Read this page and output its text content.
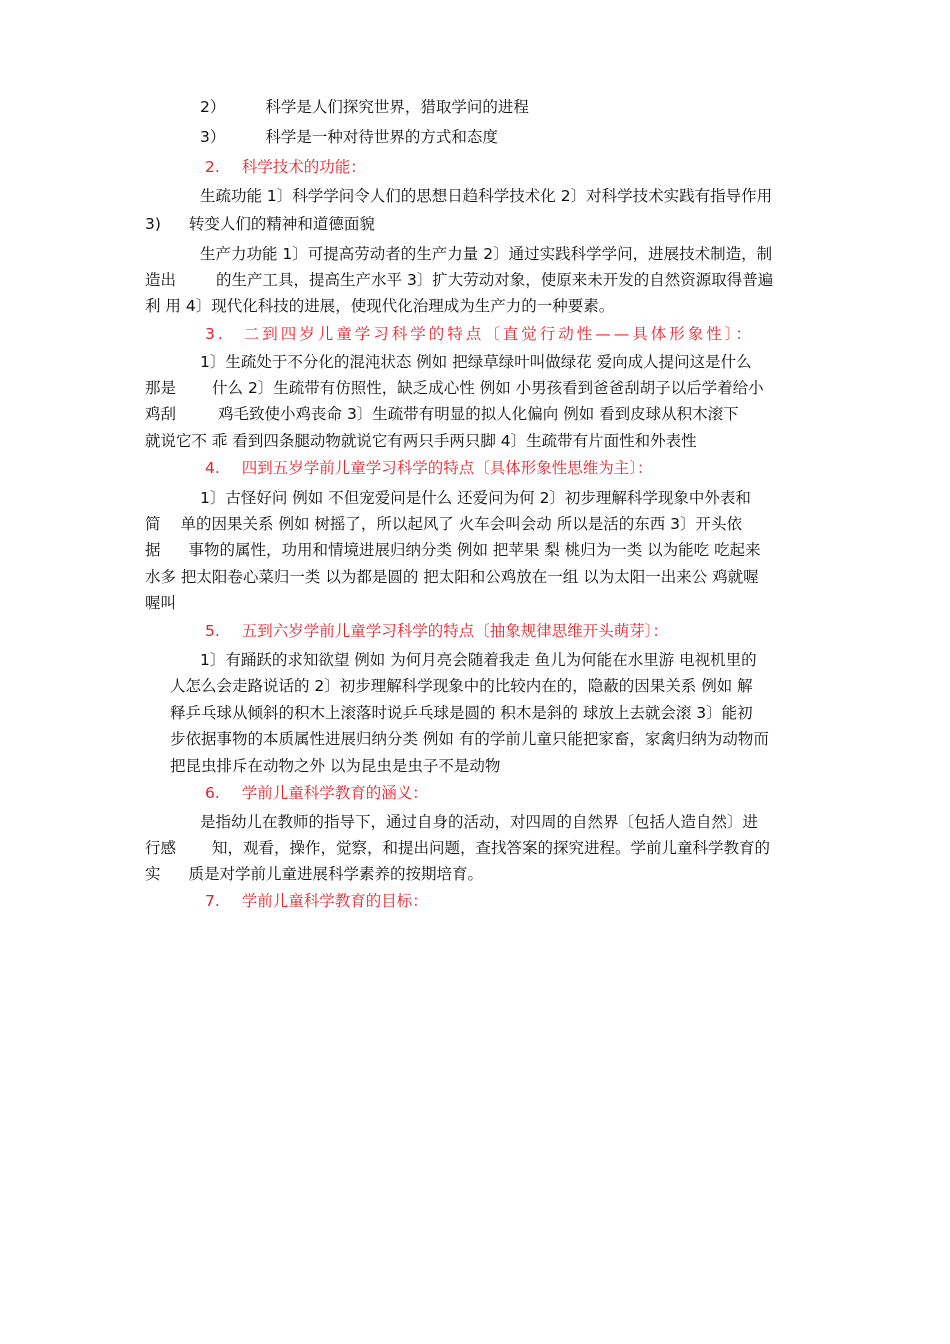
2）	科学是人们探究世界，猎取学问的进程
3）	科学是一种对待世界的方式和态度
2. 科学技术的功能：
生疏功能 1〕科学学问令人们的思想日趋科学技术化 2〕对科学技术实践有指导作用
3) 转变人们的精神和道德面貌
生产力功能 1〕可提高劳动者的生产力量 2〕通过实践科学学问，进展技术制造，制
造出	的生产工具，提高生产水平 3〕扩大劳动对象，使原来未开发的自然资源取得普遍
利 用 4〕现代化科技的进展，使现代化治理成为生产力的一种要素。
3. 二到四岁儿童学习科学的特点〔直觉行动性——具体形象性〕：
1〕生疏处于不分化的混沌状态 例如 把绿草绿叶叫做绿花 爱向成人提问这是什么
那是 什么 2〕生疏带有仿照性，缺乏成心性 例如 小男孩看到爸爸刮胡子以后学着给小
鸡刮	鸡毛致使小鸡丧命 3〕生疏带有明显的拟人化偏向 例如 看到皮球从积木滚下
就说它不 乖 看到四条腿动物就说它有两只手两只脚 4〕生疏带有片面性和外表性
4. 四到五岁学前儿童学习科学的特点〔具体形象性思维为主〕：
1〕古怪好问 例如 不但宠爱问是什么 还爱问为何 2〕初步理解科学现象中外表和
简 单的因果关系 例如 树摇了，所以起风了 火车会叫会动 所以是活的东西 3〕开头依
据 事物的属性，功用和情境进展归纳分类 例如 把苹果 梨 桃归为一类 以为能吃 吃起来
水多 把太阳卷心菜归一类 以为都是圆的 把太阳和公鸡放在一组 以为太阳一出来公 鸡就喔
喔叫
5. 五到六岁学前儿童学习科学的特点〔抽象规律思维开头萌芽〕：
1〕有踊跃的求知欲望 例如 为何月亮会随着我走 鱼儿为何能在水里游 电视机里的
人怎么会走路说话的 2〕初步理解科学现象中的比较内在的，隐蔽的因果关系 例如 解
释乒乓球从倾斜的积木上滚落时说乒乓球是圆的 积木是斜的 球放上去就会滚 3〕能初
步依据事物的本质属性进展归纳分类 例如 有的学前儿童只能把家畜，家禽归纳为动物而
把昆虫排斥在动物之外 以为昆虫是虫子不是动物
6. 学前儿童科学教育的涵义：
是指幼儿在教师的指导下，通过自身的活动，对四周的自然界〔包括人造自然〕进
行感 知，观看，操作，觉察，和提出问题，查找答案的探究进程。学前儿童科学教育的
实 质是对学前儿童进展科学素养的按期培育。
7. 学前儿童科学教育的目标：
